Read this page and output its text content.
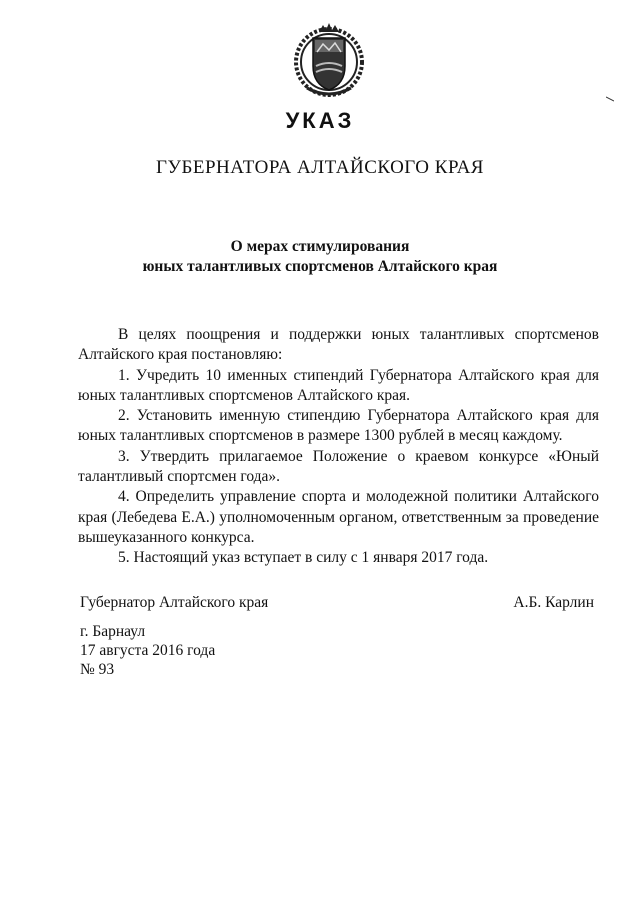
УКАЗ
ГУБЕРНАТОРА АЛТАЙСКОГО КРАЯ
О мерах стимулирования
юных талантливых спортсменов Алтайского края

В целях поощрения и поддержки юных талантливых спортсменов Алтайского края постановляю:

1. Учредить 10 именных стипендий Губернатора Алтайского края для юных талантливых спортсменов Алтайского края.

2. Установить именную стипендию Губернатора Алтайского края для юных талантливых спортсменов в размере 1300 рублей в месяц каждому.

3. Утвердить прилагаемое Положение о краевом конкурсе «Юный талантливый спортсмен года».

4. Определить управление спорта и молодежной политики Алтайского края (Лебедева Е.А.) уполномоченным органом, ответственным за проведение вышеуказанного конкурса.

5. Настоящий указ вступает в силу с 1 января 2017 года.

Губернатор Алтайского края	А.Б. Карлин
г. Барнаул
17 августа 2016 года
№ 93
